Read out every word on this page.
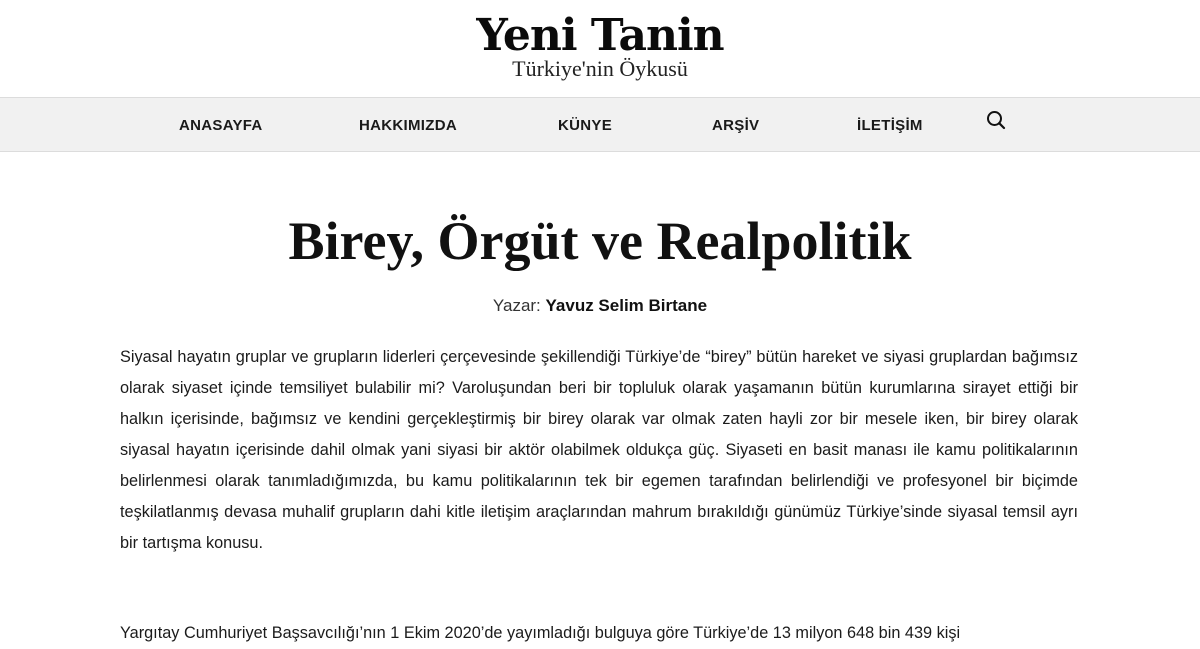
Yeni Tanin
Türkiye'nin Öykusü
ANASAYFA	HAKKIMIZDA	KÜNYE	ARŞİV	İLETİŞİM
Birey, Örgüt ve Realpolitik
Yazar: Yavuz Selim Birtane

Siyasal hayatın gruplar ve grupların liderleri çerçevesinde şekillendiği Türkiye’de “birey” bütün hareket ve siyasi gruplardan bağımsız olarak siyaset içinde temsiliyet bulabilir mi? Varoluşundan beri bir topluluk olarak yaşamanın bütün kurumlarına sirayet ettiği bir halkın içerisinde, bağımsız ve kendini gerçekleştirmiş bir birey olarak var olmak zaten hayli zor bir mesele iken, bir birey olarak siyasal hayatın içerisinde dahil olmak yani siyasi bir aktör olabilmek oldukça güç. Siyaseti en basit manası ile kamu politikalarının belirlenmesi olarak tanımladığımızda, bu kamu politikalarının tek bir egemen tarafından belirlendiği ve profesyonel bir biçimde teşkilatlanmış devasa muhalif grupların dahi kitle iletişim araçlarından mahrum bırakıldığı günümüz Türkiye’sinde siyasal temsil ayrı bir tartışma konusu.

Yargıtay Cumhuriyet Başsavcılığı’nın 1 Ekim 2020’de yayımladığı bulguya göre Türkiye’de 13 milyon 648 bin 439 kişi
